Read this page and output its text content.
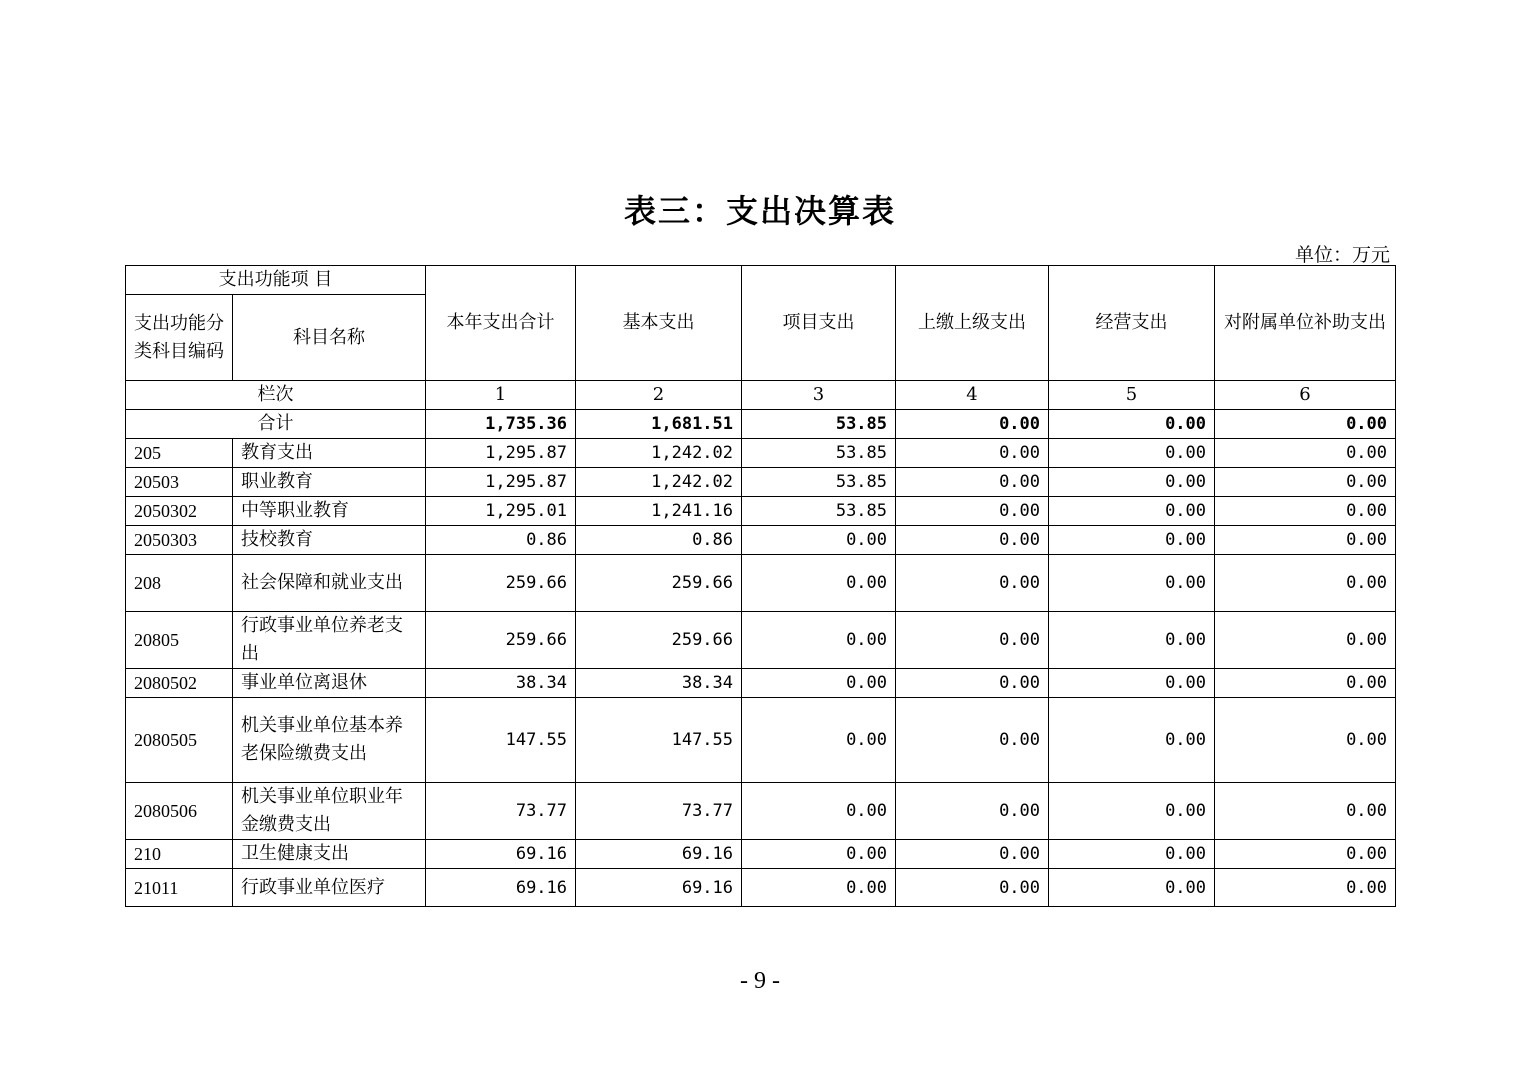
表三：支出决算表
单位：万元
支出功能项 目		本年支出合计	基本支出	项目支出	上缴上级支出	经营支出	对附属单位补助支出
支出功能分类科目编码	科目名称						
栏次		1	2	3	4	5	6
合计		1,735.36	1,681.51	53.85	0.00	0.00	0.00
205	教育支出	1,295.87	1,242.02	53.85	0.00	0.00	0.00
20503	职业教育	1,295.87	1,242.02	53.85	0.00	0.00	0.00
2050302	中等职业教育	1,295.01	1,241.16	53.85	0.00	0.00	0.00
2050303	技校教育	0.86	0.86	0.00	0.00	0.00	0.00
208	社会保障和就业支出	259.66	259.66	0.00	0.00	0.00	0.00
20805	行政事业单位养老支出	259.66	259.66	0.00	0.00	0.00	0.00
2080502	事业单位离退休	38.34	38.34	0.00	0.00	0.00	0.00
2080505	机关事业单位基本养老保险缴费支出	147.55	147.55	0.00	0.00	0.00	0.00
2080506	机关事业单位职业年金缴费支出	73.77	73.77	0.00	0.00	0.00	0.00
210	卫生健康支出	69.16	69.16	0.00	0.00	0.00	0.00
21011	行政事业单位医疗	69.16	69.16	0.00	0.00	0.00	0.00
- 9 -
